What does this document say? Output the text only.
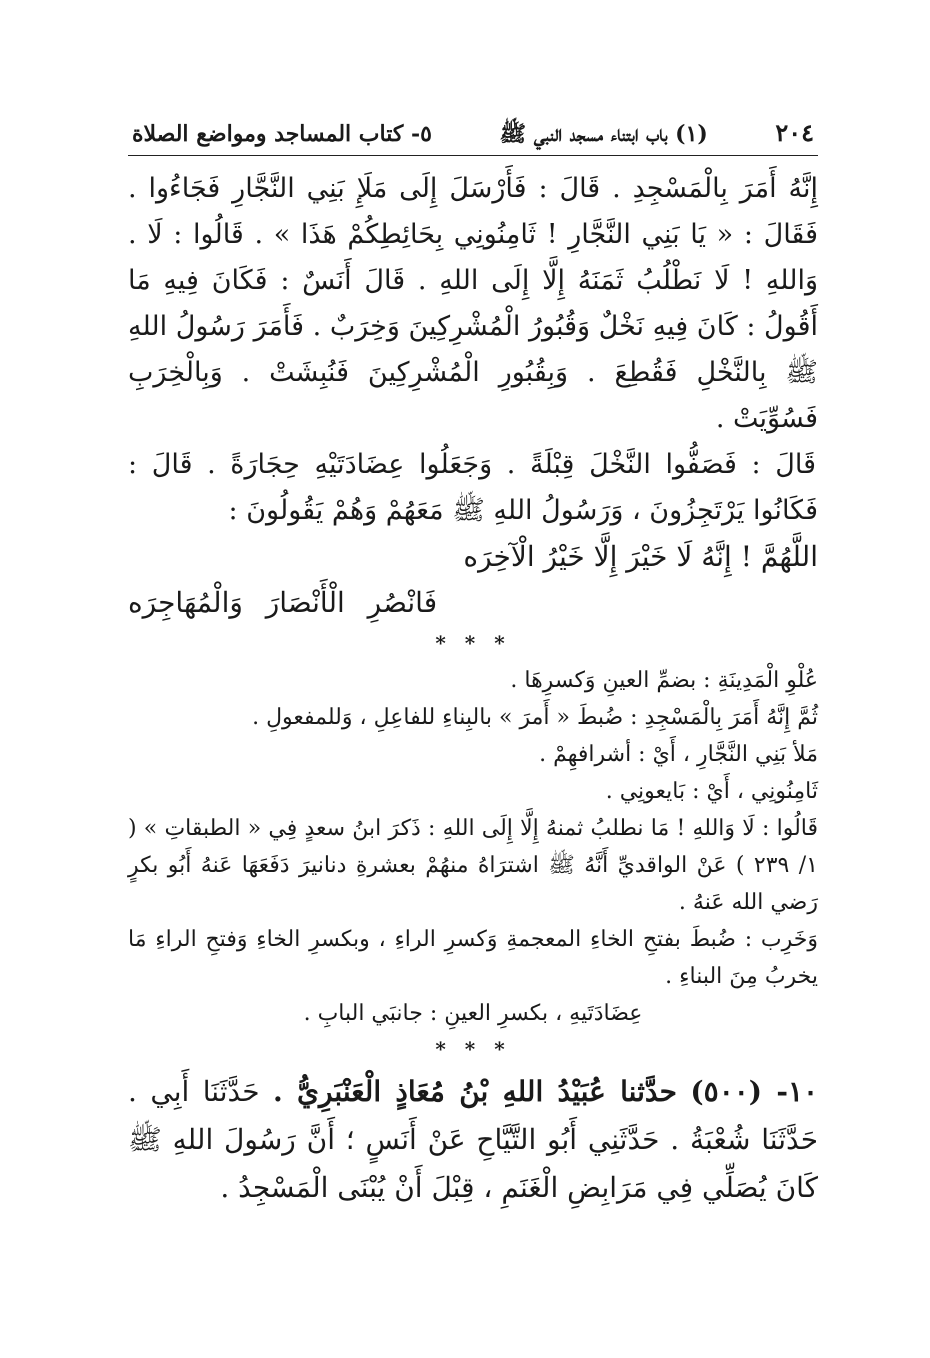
٢٠٤
(١) باب ابتناء مسجد النبي ﷺ
٥- كتاب المساجد ومواضع الصلاة

إِنَّهُ أَمَرَ بِالْمَسْجِدِ . قَالَ : فَأَرْسَلَ إِلَى مَلَإِ بَنِي النَّجَّارِ فَجَاءُوا . فَقَالَ : « يَا بَنِي النَّجَّارِ ! ثَامِنُونِي بِحَائِطِكُمْ هَذَا » . قَالُوا : لَا . وَاللهِ ! لَا نَطْلُبُ ثَمَنَهُ إِلَّا إِلَى اللهِ . قَالَ أَنَسٌ : فَكَانَ فِيهِ مَا أَقُولُ : كَانَ فِيهِ نَخْلٌ وَقُبُورُ الْمُشْرِكِينَ وَخِرَبٌ . فَأَمَرَ رَسُولُ اللهِ ﷺ بِالنَّخْلِ فَقُطِعَ . وَبِقُبُورِ الْمُشْرِكِينَ فَنُبِشَتْ . وَبِالْخِرَبِ فَسُوِّيَتْ .

قَالَ : فَصَفُّوا النَّخْلَ قِبْلَةً . وَجَعَلُوا عِضَادَتَيْهِ حِجَارَةً . قَالَ : فَكَانُوا يَرْتَجِزُونَ ، وَرَسُولُ اللهِ ﷺ مَعَهُمْ وَهُمْ يَقُولُونَ :

اللَّهُمَّ ! إِنَّهُ لَا خَيْرَ إِلَّا خَيْرُ الْآخِرَه
فَانْصُرِ الْأَنْصَارَ وَالْمُهَاجِرَه
* * *

عُلْوِ الْمَدِينَةِ : بضمِّ العينِ وَكسرِهَا .

ثُمَّ إِنَّهُ أَمَرَ بِالْمَسْجِدِ : ضُبطَ « أَمرَ » بالبِناءِ للفاعِلِ ، وَللمفعولِ .

مَلأ بَنِي النَّجَّارِ ، أَيْ : أشرافهِمْ .

ثَامِنُونِي ، أَيْ : بَايعونِي .

قَالُوا : لَا وَاللهِ ! مَا نطلبُ ثمنهُ إِلَّا إِلَى اللهِ : ذَكرَ ابنُ سعدٍ فِي « الطبقاتِ » ( ١/ ٢٣٩ ) عَنْ الواقديِّ أَنَّهُ ﷺ اشترَاهُ منهُمْ بعشرةِ دنانيرَ دَفَعَهَا عَنهُ أَبُو بكرٍ رَضي الله عَنهُ .

وَخَرِب : ضُبطَ بفتحِ الخاءِ المعجمةِ وَكسرِ الراءِ ، وبكسرِ الخاءِ وَفتحِ الراءِ مَا يخربُ مِنَ البناءِ .

عِضَادَتَيهِ ، بكسرِ العينِ : جانبَي البابِ .

* * *

١٠- (٥٠٠) حدَّثنا عُبَيْدُ اللهِ بْنُ مُعَاذٍ الْعَنْبَرِيُّ . حَدَّثَنَا أَبِي . حَدَّثَنَا شُعْبَةُ . حَدَّثَنِي أَبُو التَّيَّاحِ عَنْ أَنَسٍ ؛ أَنَّ رَسُولَ اللهِ ﷺ كَانَ يُصَلِّي فِي مَرَابِضِ الْغَنَمِ ، قِبْلَ أَنْ يُبْنَى الْمَسْجِدُ .
